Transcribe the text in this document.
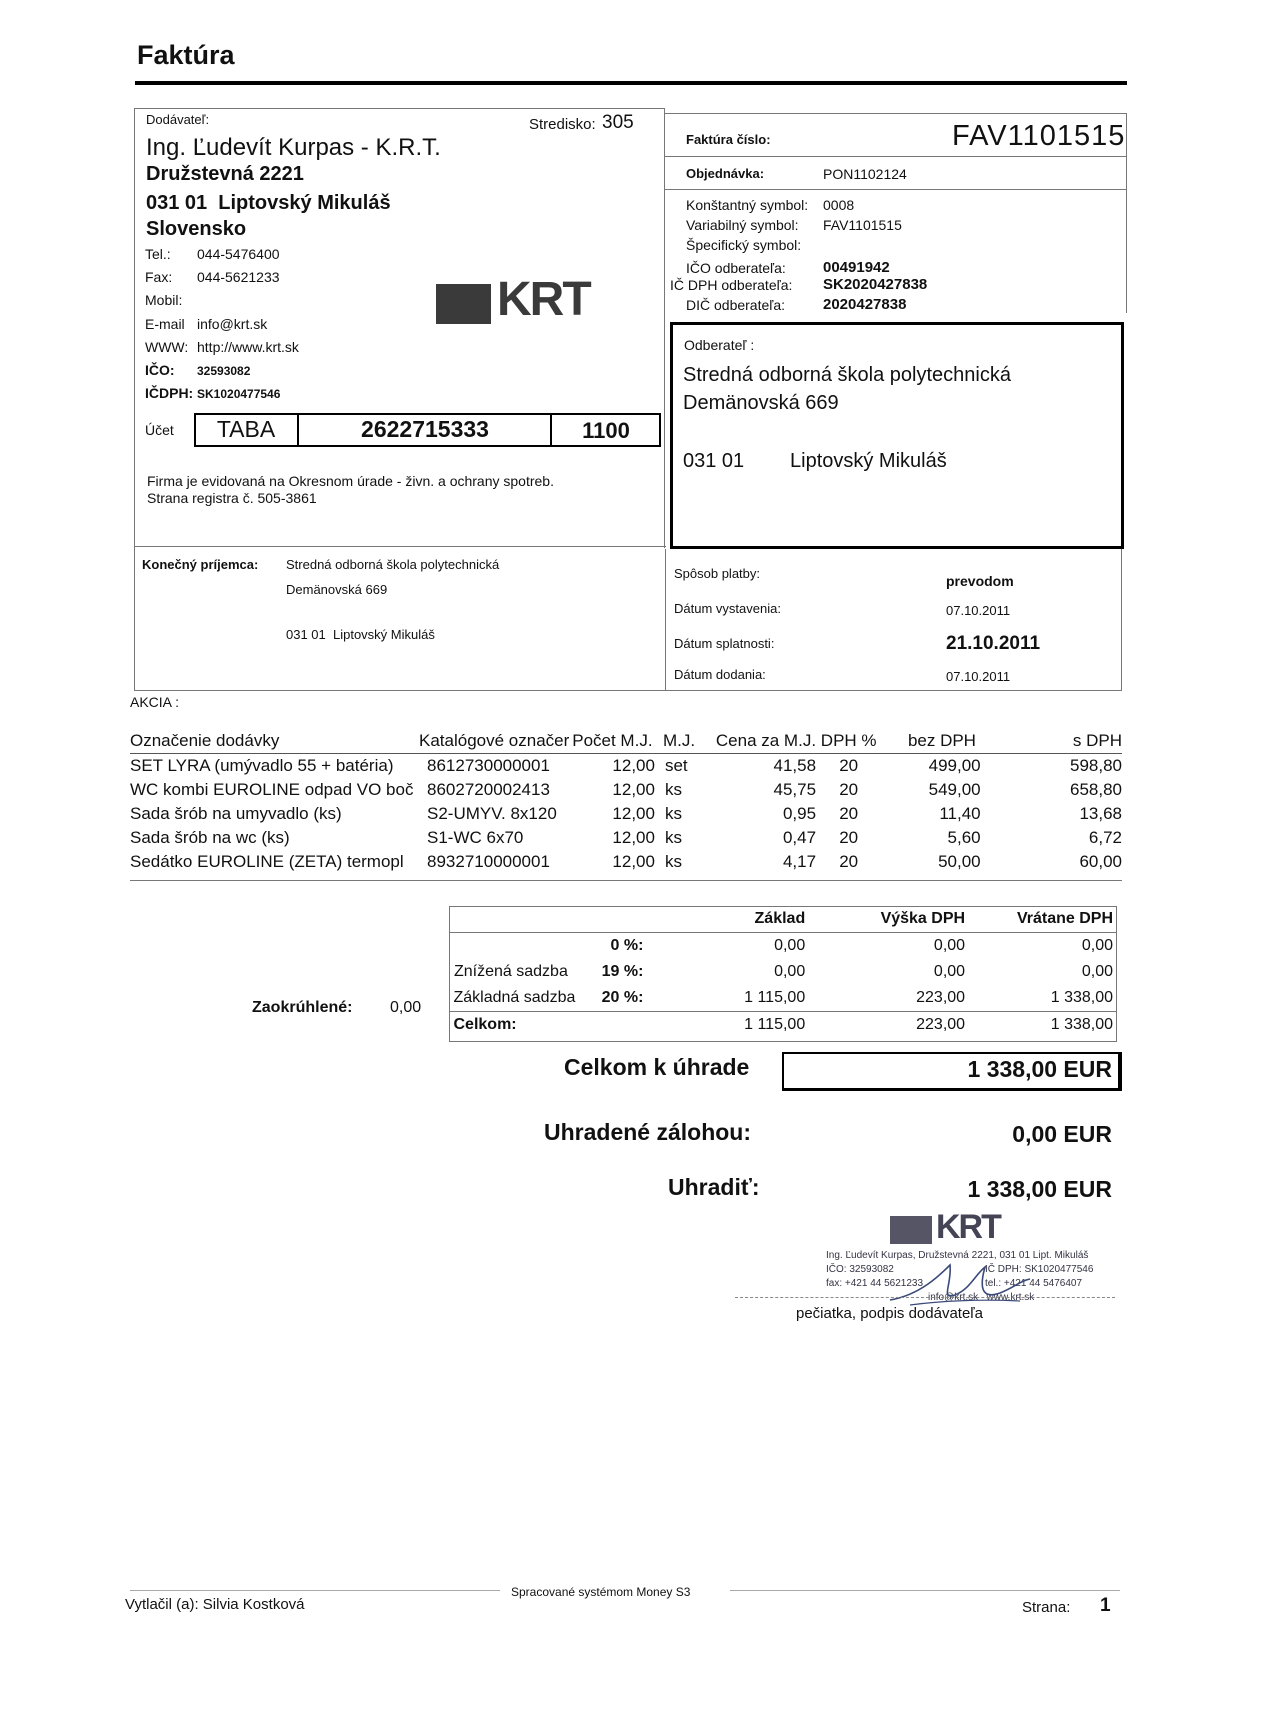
Faktúra
Dodávateľ:	Stredisko: 305
Ing. Ľudevít Kurpas - K.R.T.
Družstevná 2221
031 01  Liptovský Mikuláš
Slovensko
Tel.: 044-5476400
Fax: 044-5621233
Mobil:
E-mail info@krt.sk
WWW: http://www.krt.sk
IČO: 32593082
IČDPH: SK1020477546
KRT
Účet	TABA	2622715333	1100
Firma je evidovaná na Okresnom úrade - živn. a ochrany spotreb.
Strana registra č. 505-3861
Faktúra číslo:	FAV1101515
Objednávka:	PON1102124
Konštantný symbol: 0008
Variabilný symbol: FAV1101515
Špecifický symbol:
IČO odberateľa: 00491942
IČ DPH odberateľa: SK2020427838
DIČ odberateľa:	2020427838
Odberateľ :
Stredná odborná škola polytechnická
Demänovská 669
031 01 Liptovský Mikuláš
Konečný príjemca: Stredná odborná škola polytechnická
Demänovská 669
031 01  Liptovský Mikuláš
Spôsob platby:	prevodom
Dátum vystavenia:	07.10.2011
Dátum splatnosti:	21.10.2011
Dátum dodania:	07.10.2011
AKCIA :
Označenie dodávky	Katalógové označer	Počet M.J.	M.J.	Cena za M.J.	DPH %	bez DPH	s DPH
SET LYRA (umývadlo 55 + batéria)	8612730000001	12,00	set	41,58	20	499,00	598,80
WC kombi EUROLINE odpad VO boč	8602720002413	12,00	ks	45,75	20	549,00	658,80
Sada šrób na umyvadlo (ks)	S2-UMYV. 8x120	12,00	ks	0,95	20	11,40	13,68
Sada šrób na wc (ks)	S1-WC 6x70	12,00	ks	0,47	20	5,60	6,72
Sedátko EUROLINE (ZETA) termopl	8932710000001	12,00	ks	4,17	20	50,00	60,00
		Základ	Výška DPH	Vrátane DPH
	0 %:	0,00	0,00	0,00
Znížená sadzba	19 %:	0,00	0,00	0,00
Základná sadzba	20 %:	1 115,00	223,00	1 338,00
Celkom:		1 115,00	223,00	1 338,00
Zaokrúhlené: 0,00
Celkom k úhrade	1 338,00 EUR
Uhradené zálohou:	0,00 EUR
Uhradiť:	1 338,00 EUR
KRT
Ing. Ľudevít Kurpas, Družstevná 2221, 031 01 Lipt. Mikuláš
IČO: 32593082	IČ DPH: SK1020477546
fax: +421 44 5621233	tel.: +421 44 5476407
info@krt.sk   www.krt.sk
pečiatka, podpis dodávateľa
Spracované systémom Money S3
Vytlačil (a): Silvia Kostková	Strana: 1
